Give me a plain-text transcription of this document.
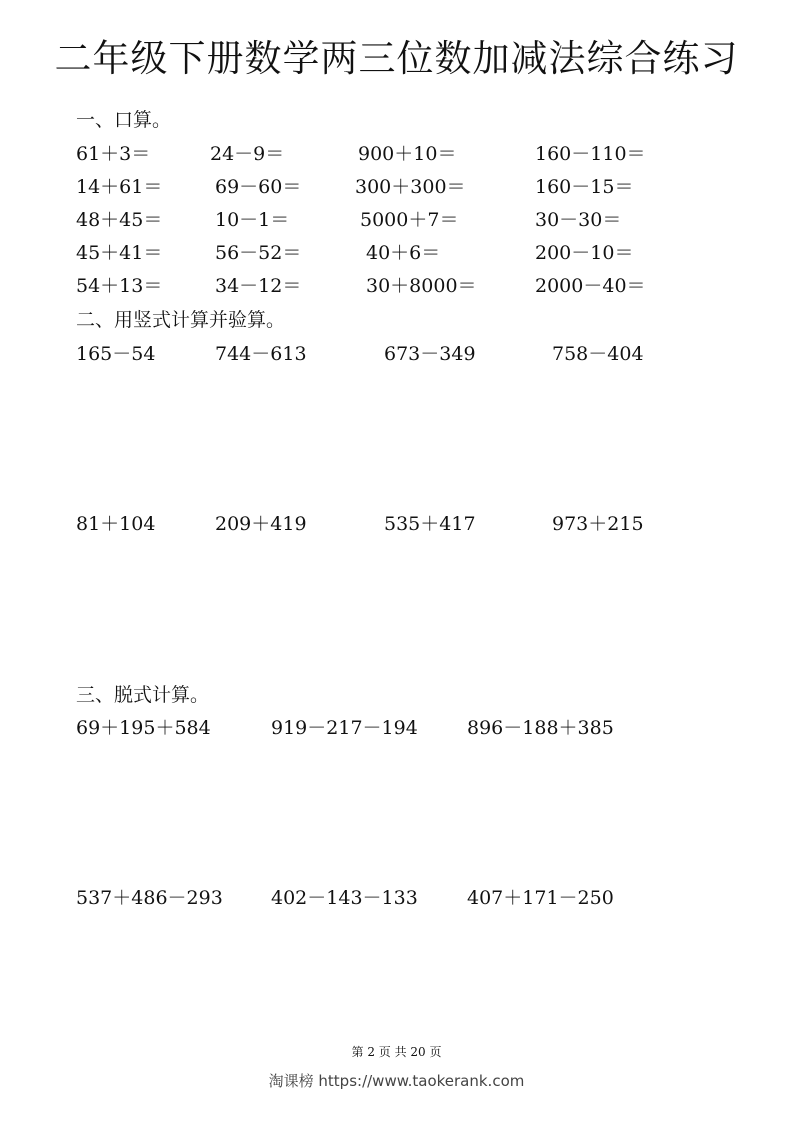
二年级下册数学两三位数加减法综合练习
一、口算。
61＋3＝	24－9＝	900＋10＝	160－110＝
14＋61＝	69－60＝	300＋300＝	160－15＝
48＋45＝	10－1＝	5000＋7＝	30－30＝
45＋41＝	56－52＝	40＋6＝	200－10＝
54＋13＝	34－12＝	30＋8000＝	2000－40＝
二、用竖式计算并验算。
165－54	744－613	673－349	758－404
81＋104	209＋419	535＋417	973＋215
三、脱式计算。
69＋195＋584	919－217－194	896－188＋385
537＋486－293	402－143－133	407＋171－250
第 2 页 共 20 页
淘课榜 https://www.taokerank.com
